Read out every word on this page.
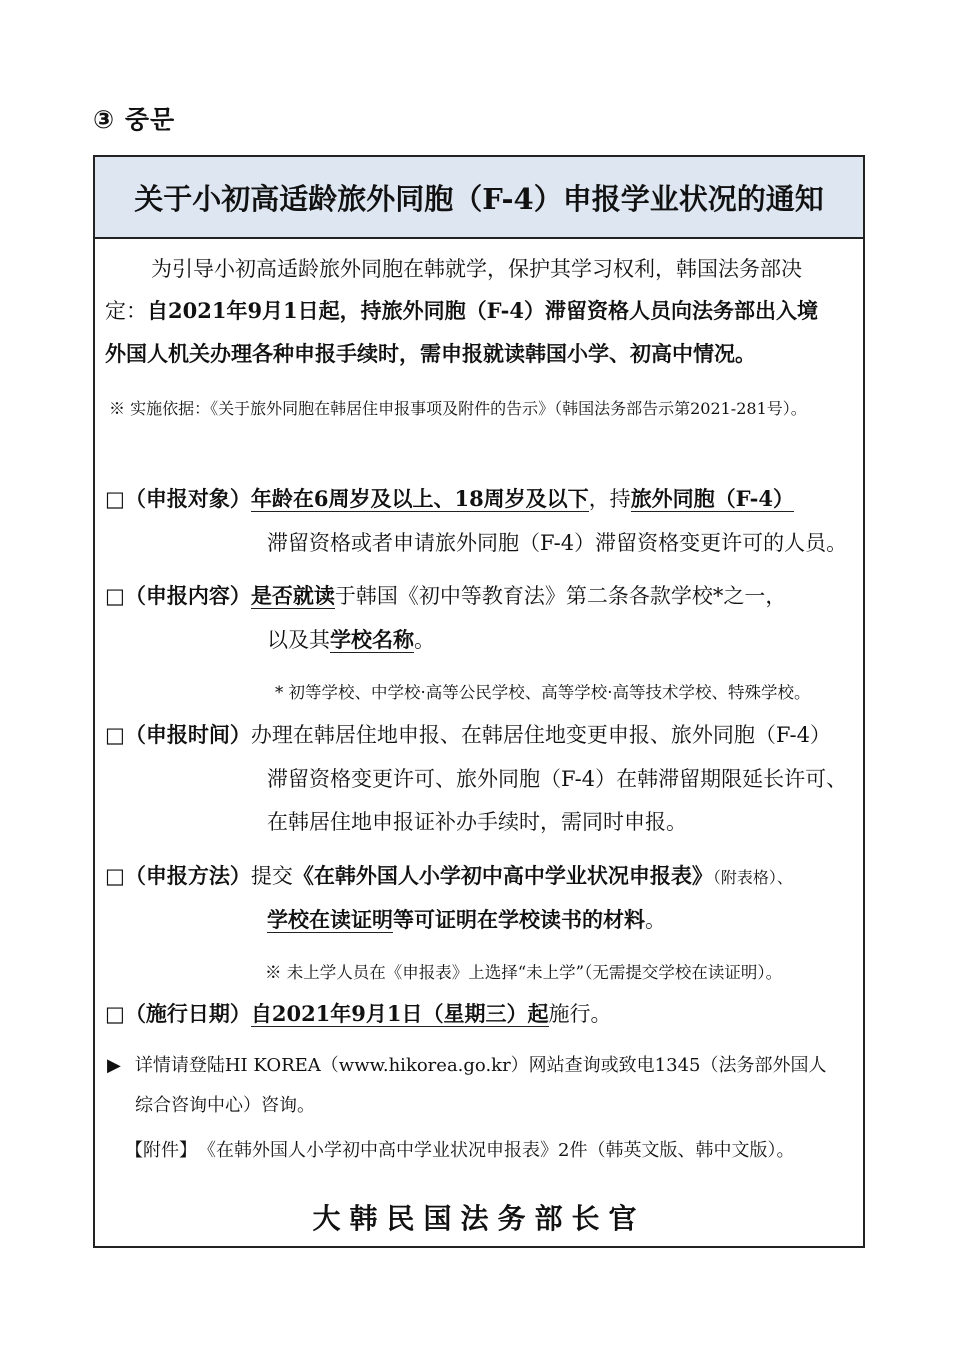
③ 중문
关于小初高适龄旅外同胞（F-4）申报学业状况的通知
为引导小初高适龄旅外同胞在韩就学，保护其学习权利，韩国法务部决
定：自2021年9月1日起，持旅外同胞（F-4）滞留资格人员向法务部出入境
外国人机关办理各种申报手续时，需申报就读韩国小学、初高中情况。
※ 实施依据：《关于旅外同胞在韩居住申报事项及附件的告示》（韩国法务部告示第2021-281号）。
□（申报对象）年龄在6周岁及以上、18周岁及以下，持旅外同胞（F-4）
滞留资格或者申请旅外同胞（F-4）滞留资格变更许可的人员。
□（申报内容）是否就读于韩国《初中等教育法》第二条各款学校*之一，
以及其学校名称。
* 初等学校、中学校·高等公民学校、高等学校·高等技术学校、特殊学校。
□（申报时间）办理在韩居住地申报、在韩居住地变更申报、旅外同胞（F-4）
滞留资格变更许可、旅外同胞（F-4）在韩滞留期限延长许可、
在韩居住地申报证补办手续时，需同时申报。
□（申报方法）提交《在韩外国人小学初中高中学业状况申报表》（附表格）、
学校在读证明等可证明在学校读书的材料。
※ 未上学人员在《申报表》上选择“未上学”（无需提交学校在读证明）。
□（施行日期）自2021年9月1日（星期三）起施行。
▶ 详情请登陆HI KOREA（www.hikorea.go.kr）网站查询或致电1345（法务部外国人
综合咨询中心）咨询。
【附件】 《在韩外国人小学初中高中学业状况申报表》2件（韩英文版、韩中文版）。
大韩民国法务部长官
